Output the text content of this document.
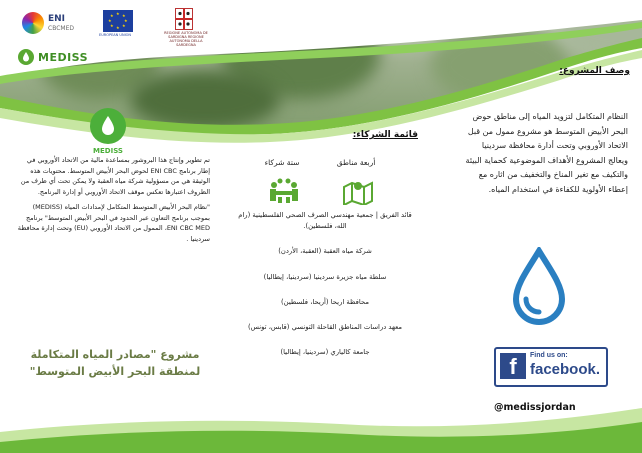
ENI
CBCMED
★ ★
★
★
★
★
★
★
EUROPEAN UNION	REGIONE AUTONOMA DE SARDIGNA REGIONE AUTONOMA DELLA SARDEGNA
MEDISS
MEDISS

تم تطوير وإنتاج هذا البروشور بمساعدة مالية من الاتحاد الأوروبي في إطار برنامج ENI CBC لحوض البحر الأبيض المتوسط. محتويات هذه الوثيقة هي من مسؤولية شركة مياه العقبة ولا يمكن تحت أي ظرف من الظروف اعتبارها تعكس موقف الاتحاد الأوروبي أو إدارة البرنامج.

"نظام البحر الأبيض المتوسط المتكامل لإمدادات المياه (MEDISS) بموجب برنامج التعاون عبر الحدود في البحر الأبيض المتوسط" برنامج ENI CBC MED، الممول من الاتحاد الأوروبي (EU) وتحت إدارة محافظة سردينيا .

مشروع "مصادر المياه المتكاملة لمنطقة البحر الأبيض المتوسط"
قائمة الشركاء:
أربعة مناطق
ستة شركاء
قائد الفريق | جمعية مهندسي الصرف الصحي الفلسطينية (رام الله، فلسطين).
شركة مياه العقبة (العقبة، الأردن)
سلطة مياه جزيرة سردينيا (سردينيا، إيطاليا)
محافظة اريحا (أريحا، فلسطين)
معهد دراسات المناطق القاحلة التونسي (قابس، تونس)
جامعة كالياري (سردينيا، إيطاليا)
وصف المشروع:
النظام المتكامل لتزويد المياه إلى مناطق حوض البحر الأبيض المتوسط هو مشروع ممول من قبل الاتحاد الأوروبي وتحت أدارة محافظة سردينيا ويعالج المشروع الأهداف الموضوعية كحماية البيئة والتكيف مع تغير المناخ والتخفيف من اثاره مع إعطاء الأولوية للكفاءة في استخدام المياه.
f	Find us on:
facebook.
@medissjordan
